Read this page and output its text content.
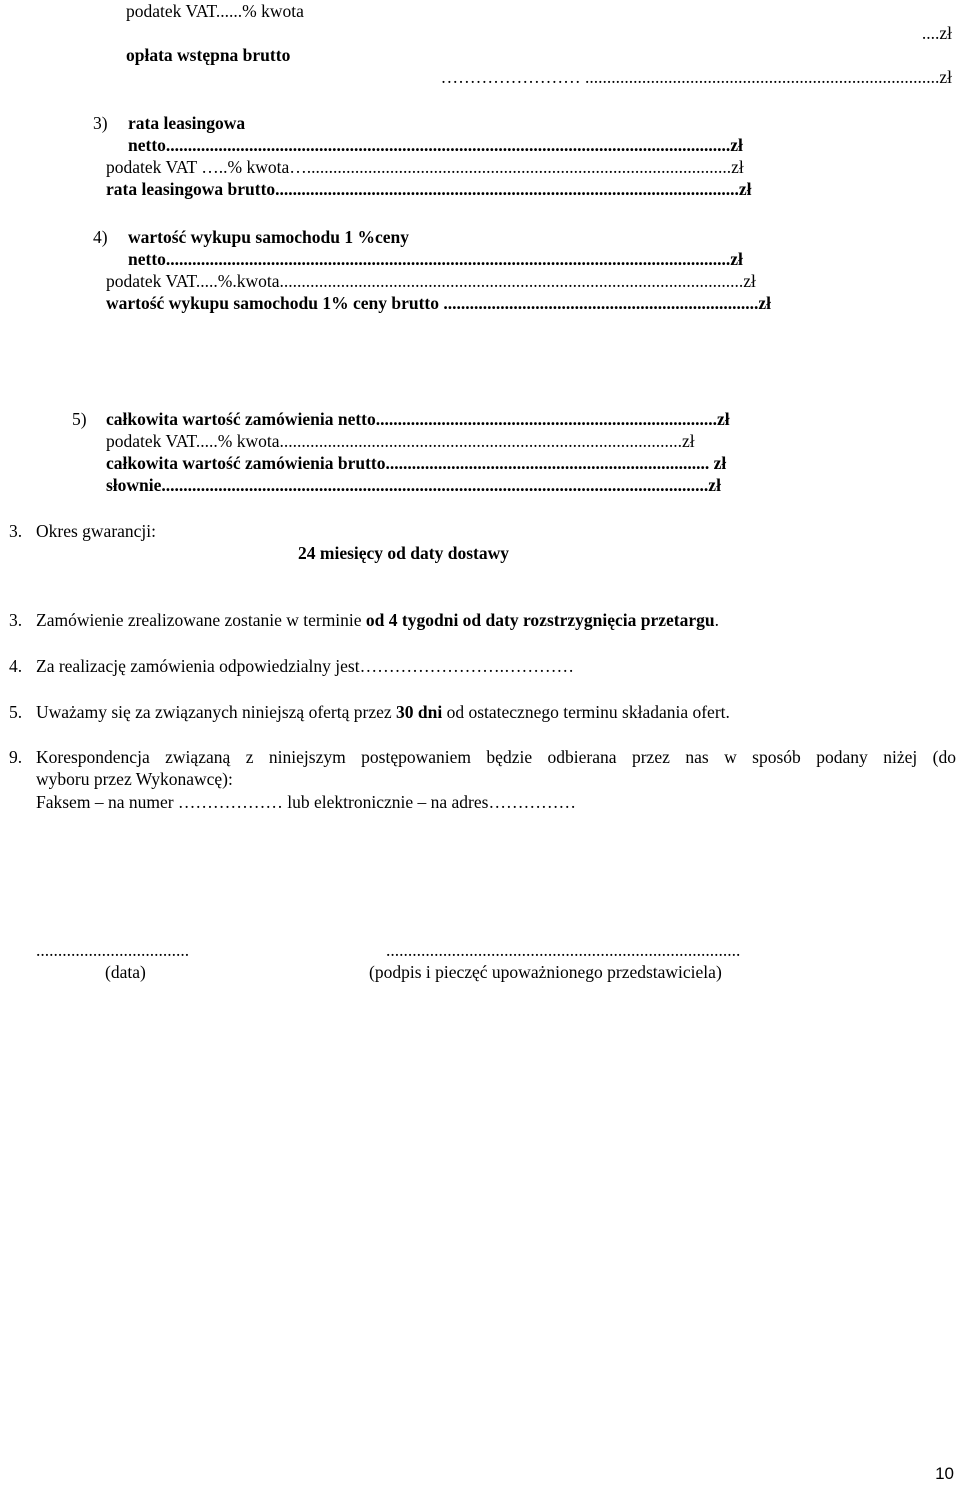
podatek VAT......% kwota
....zł
opłata wstępna brutto
…………………… .................................................................................zł
3) rata leasingowa
netto.................................................................................................................................zł
podatek VAT …..% kwota….................................................................................................zł
rata leasingowa brutto..........................................................................................................zł
4) wartość wykupu samochodu 1 %ceny
netto.................................................................................................................................zł
podatek VAT.....%.kwota..........................................................................................................zł
wartość wykupu samochodu 1% ceny brutto ........................................................................zł
5) całkowita wartość zamówienia netto..............................................................................zł
podatek VAT.....% kwota............................................................................................zł
całkowita wartość zamówienia brutto.......................................................................... zł
słownie.............................................................................................................................zł
3. Okres gwarancji:
24 miesięcy od daty dostawy
3. Zamówienie zrealizowane zostanie w terminie od 4 tygodni od daty rozstrzygnięcia przetargu.
4. Za realizację zamówienia odpowiedzialny jest…………………….…………
5. Uważamy się za związanych niniejszą ofertą przez 30 dni od ostatecznego terminu składania ofert.
9. Korespondencja związaną z niniejszym postępowaniem będzie odbierana przez nas w sposób podany niżej (do
wyboru przez Wykonawcę):
Faksem – na numer ……………… lub elektronicznie – na adres……………
...................................
(data)
.................................................................................
(podpis i pieczęć upoważnionego przedstawiciela)
10
